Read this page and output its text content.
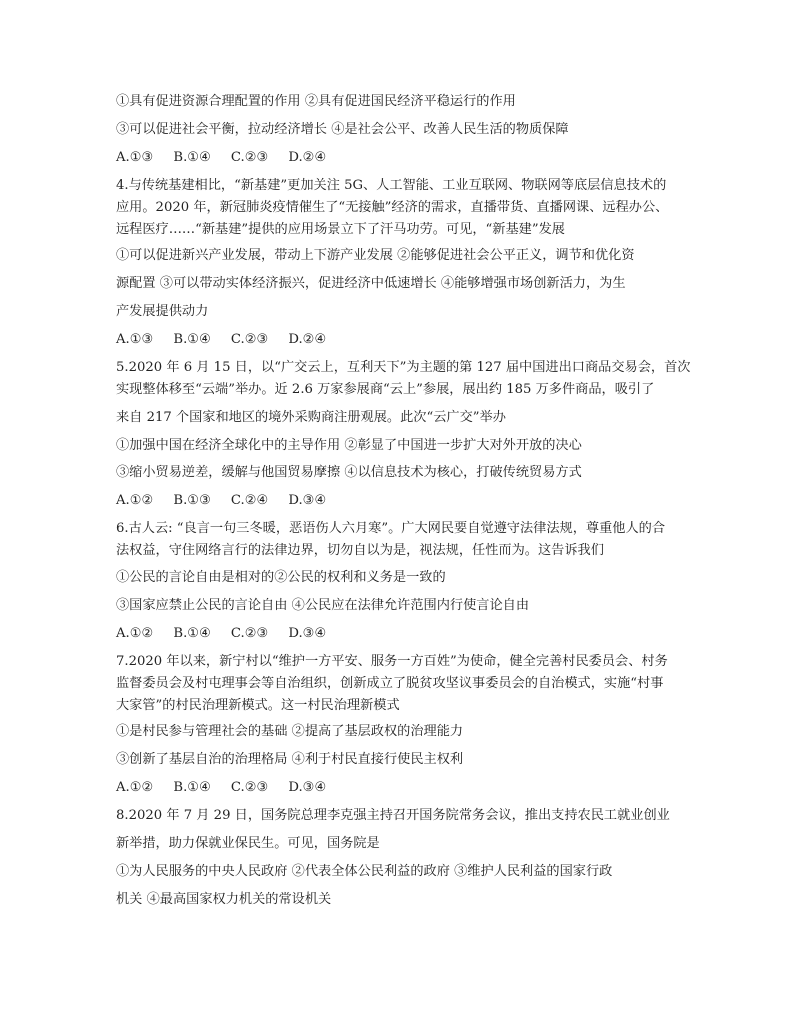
①具有促进资源合理配置的作用 ②具有促进国民经济平稳运行的作用
③可以促进社会平衡，拉动经济增长 ④是社会公平、改善人民生活的物质保障
A.①③ B.①④ C.②③ D.②④
4.与传统基建相比，“新基建”更加关注 5G、人工智能、工业互联网、物联网等底层信息技术的
应用。2020 年，新冠肺炎疫情催生了“无接触”经济的需求，直播带货、直播网课、远程办公、
远程医疗……“新基建”提供的应用场景立下了汗马功劳。可见，“新基建”发展
①可以促进新兴产业发展，带动上下游产业发展 ②能够促进社会公平正义，调节和优化资
源配置 ③可以带动实体经济振兴，促进经济中低速增长 ④能够增强市场创新活力，为生
产发展提供动力
A.①③ B.①④ C.②③ D.②④
5.2020 年 6 月 15 日，以“广交云上，互利天下”为主题的第 127 届中国进出口商品交易会，首次
实现整体移至“云端”举办。近 2.6 万家参展商“云上”参展，展出约 185 万多件商品，吸引了
来自 217 个国家和地区的境外采购商注册观展。此次“云广交”举办
①加强中国在经济全球化中的主导作用 ②彰显了中国进一步扩大对外开放的决心
③缩小贸易逆差，缓解与他国贸易摩擦 ④以信息技术为核心，打破传统贸易方式
A.①② B.①③ C.②④ D.③④
6.古人云: “良言一句三冬暖，恶语伤人六月寒”。广大网民要自觉遵守法律法规，尊重他人的合
法权益，守住网络言行的法律边界，切勿自以为是，视法规，任性而为。这告诉我们
①公民的言论自由是相对的②公民的权利和义务是一致的
③国家应禁止公民的言论自由 ④公民应在法律允许范围内行使言论自由
A.①② B.①④ C.②③ D.③④
7.2020 年以来，新宁村以“维护一方平安、服务一方百姓”为使命，健全完善村民委员会、村务
监督委员会及村屯理事会等自治组织，创新成立了脱贫攻坚议事委员会的自治模式，实施“村事
大家管”的村民治理新模式。这一村民治理新模式
①是村民参与管理社会的基础 ②提高了基层政权的治理能力
③创新了基层自治的治理格局 ④利于村民直接行使民主权利
A.①② B.①④ C.②③ D.③④
8.2020 年 7 月 29 日，国务院总理李克强主持召开国务院常务会议，推出支持农民工就业创业
新举措，助力保就业保民生。可见，国务院是
①为人民服务的中央人民政府 ②代表全体公民利益的政府 ③维护人民利益的国家行政
机关 ④最高国家权力机关的常设机关
